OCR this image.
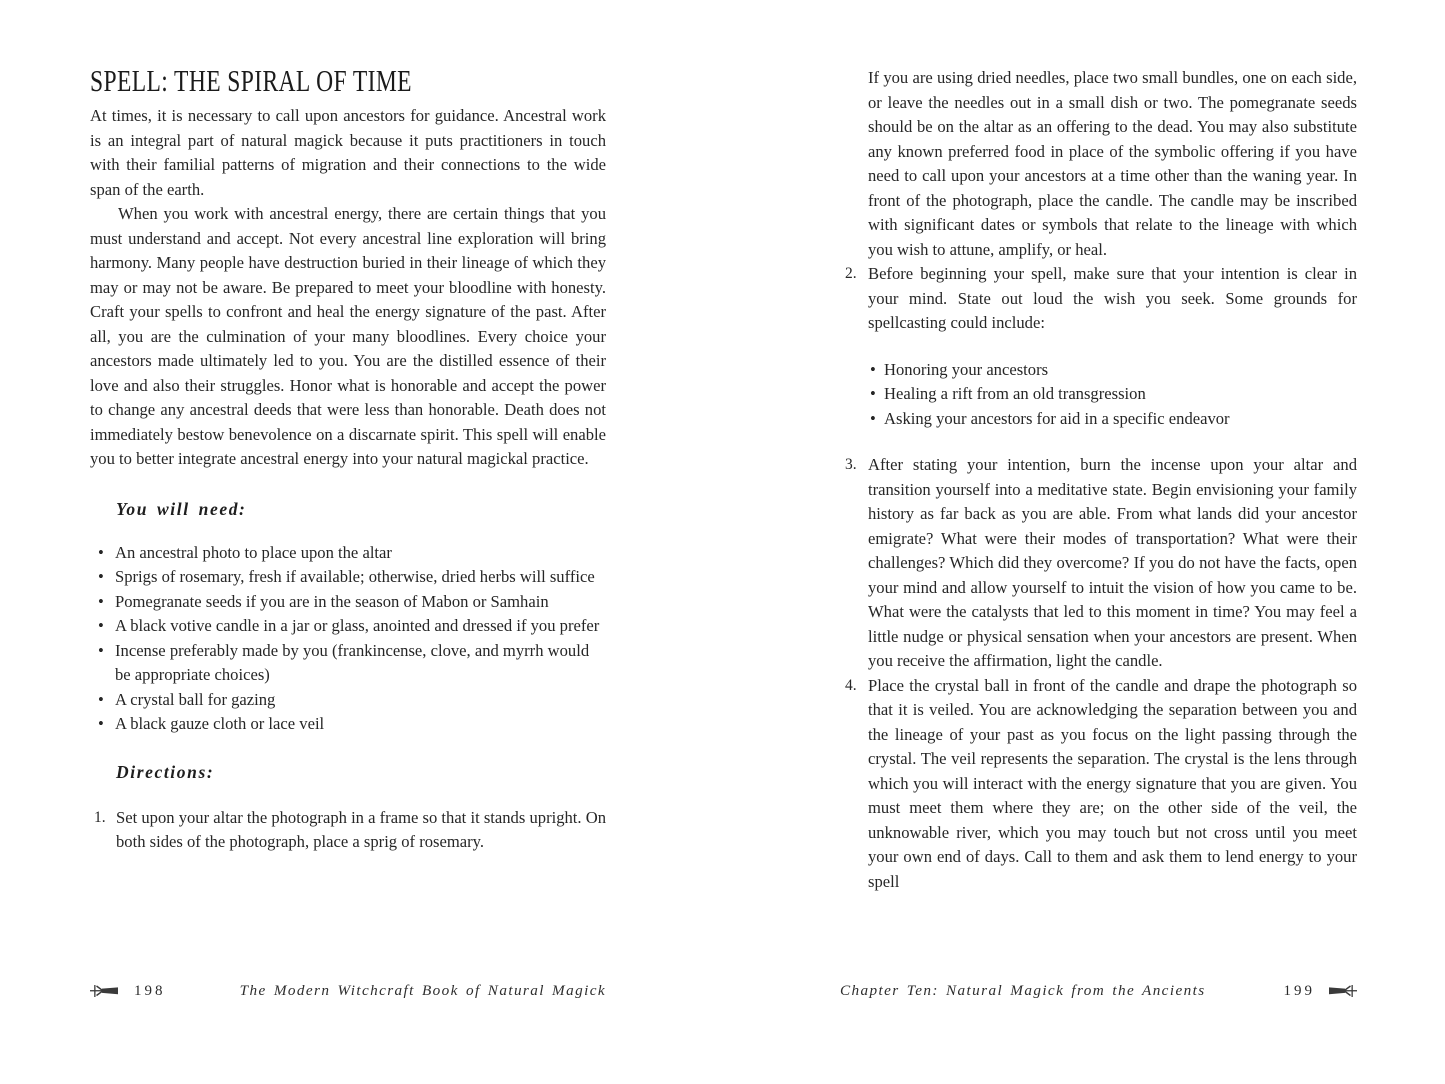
SPELL: THE SPIRAL OF TIME

At times, it is necessary to call upon ancestors for guidance. Ancestral work is an integral part of natural magick because it puts practitioners in touch with their familial patterns of migration and their connections to the wide span of the earth.

When you work with ancestral energy, there are certain things that you must understand and accept. Not every ancestral line exploration will bring harmony. Many people have destruction buried in their lineage of which they may or may not be aware. Be prepared to meet your bloodline with honesty. Craft your spells to confront and heal the energy signature of the past. After all, you are the culmination of your many bloodlines. Every choice your ancestors made ultimately led to you. You are the distilled essence of their love and also their struggles. Honor what is honorable and accept the power to change any ancestral deeds that were less than honorable. Death does not immediately bestow benevolence on a discarnate spirit. This spell will enable you to better integrate ancestral energy into your natural magickal practice.

You will need:
• An ancestral photo to place upon the altar
• Sprigs of rosemary, fresh if available; otherwise, dried herbs will suffice
• Pomegranate seeds if you are in the season of Mabon or Samhain
• A black votive candle in a jar or glass, anointed and dressed if you prefer
• Incense preferably made by you (frankincense, clove, and myrrh would be appropriate choices)
• A crystal ball for gazing
• A black gauze cloth or lace veil
Directions:
1. Set upon your altar the photograph in a frame so that it stands upright. On both sides of the photograph, place a sprig of rosemary.

If you are using dried needles, place two small bundles, one on each side, or leave the needles out in a small dish or two. The pomegranate seeds should be on the altar as an offering to the dead. You may also substitute any known preferred food in place of the symbolic offering if you have need to call upon your ancestors at a time other than the waning year. In front of the photograph, place the candle. The candle may be inscribed with significant dates or symbols that relate to the lineage with which you wish to attune, amplify, or heal.

2. Before beginning your spell, make sure that your intention is clear in your mind. State out loud the wish you seek. Some grounds for spellcasting could include:
• Honoring your ancestors
• Healing a rift from an old transgression
• Asking your ancestors for aid in a specific endeavor
3. After stating your intention, burn the incense upon your altar and transition yourself into a meditative state. Begin envisioning your family history as far back as you are able. From what lands did your ancestor emigrate? What were their modes of transportation? What were their challenges? Which did they overcome? If you do not have the facts, open your mind and allow yourself to intuit the vision of how you came to be. What were the catalysts that led to this moment in time? You may feel a little nudge or physical sensation when your ancestors are present. When you receive the affirmation, light the candle.
4. Place the crystal ball in front of the candle and drape the photograph so that it is veiled. You are acknowledging the separation between you and the lineage of your past as you focus on the light passing through the crystal. The veil represents the separation. The crystal is the lens through which you will interact with the energy signature that you are given. You must meet them where they are; on the other side of the veil, the unknowable river, which you may touch but not cross until you meet your own end of days. Call to them and ask them to lend energy to your spell
198	The Modern Witchcraft Book of Natural Magick	Chapter Ten: Natural Magick from the Ancients	199
